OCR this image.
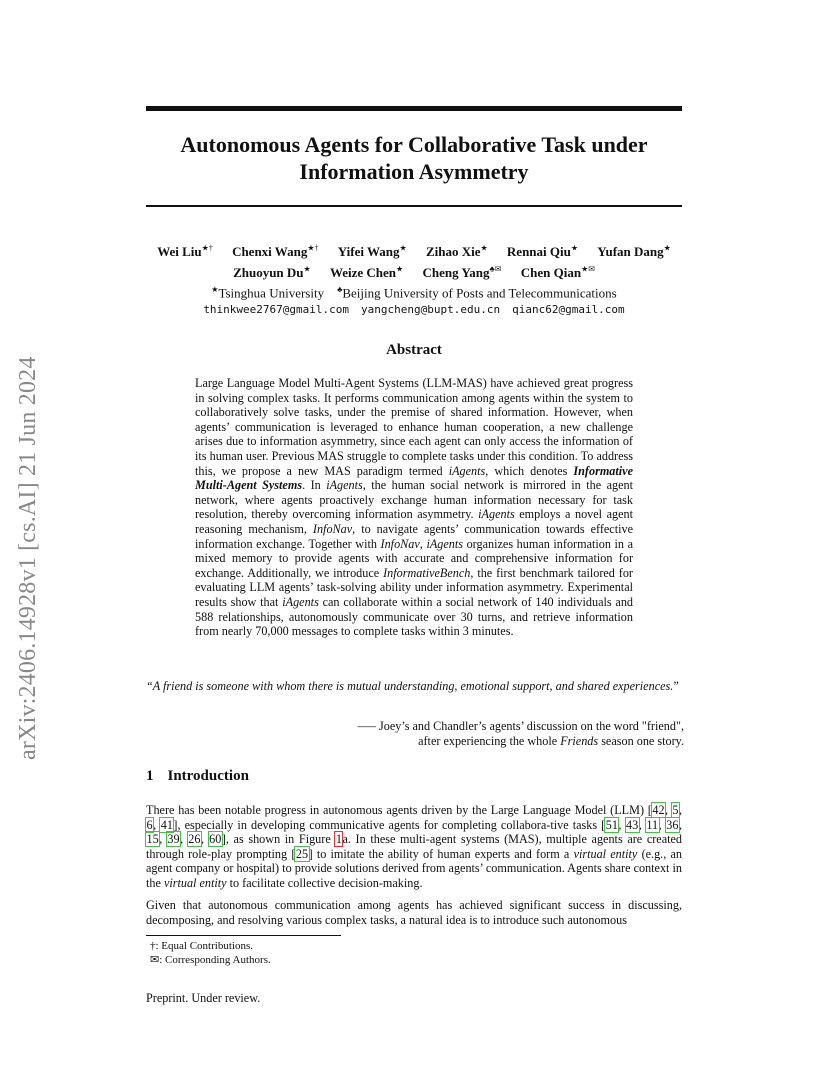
arXiv:2406.14928v1 [cs.AI] 21 Jun 2024
Autonomous Agents for Collaborative Task under
Information Asymmetry
Wei Liu★† Chenxi Wang★† Yifei Wang★ Zihao Xie★ Rennai Qiu★ Yufan Dang★
Zhuoyun Du★ Weize Chen★ Cheng Yang♣✉ Chen Qian★✉
★Tsinghua University ♣Beijing University of Posts and Telecommunications
thinkwee2767@gmail.com yangcheng@bupt.edu.cn qianc62@gmail.com
Abstract
Large Language Model Multi-Agent Systems (LLM-MAS) have achieved great progress in solving complex tasks. It performs communication among agents within the system to collaboratively solve tasks, under the premise of shared information. However, when agents’ communication is leveraged to enhance human cooperation, a new challenge arises due to information asymmetry, since each agent can only access the information of its human user. Previous MAS struggle to complete tasks under this condition. To address this, we propose a new MAS paradigm termed iAgents, which denotes Informative Multi-Agent Systems. In iAgents, the human social network is mirrored in the agent network, where agents proactively exchange human information necessary for task resolution, thereby overcoming information asymmetry. iAgents employs a novel agent reasoning mechanism, InfoNav, to navigate agents’ communication towards effective information exchange. Together with InfoNav, iAgents organizes human information in a mixed memory to provide agents with accurate and comprehensive information for exchange. Additionally, we introduce InformativeBench, the first benchmark tailored for evaluating LLM agents’ task-solving ability under information asymmetry. Experimental results show that iAgents can collaborate within a social network of 140 individuals and 588 relationships, autonomously communicate over 30 turns, and retrieve information from nearly 70,000 messages to complete tasks within 3 minutes.
“A friend is someone with whom there is mutual understanding, emotional support, and shared experiences.”
—– Joey’s and Chandler’s agents’ discussion on the word "friend",
after experiencing the whole Friends season one story.
1 Introduction
There has been notable progress in autonomous agents driven by the Large Language Model (LLM) [42, 5, 6, 41], especially in developing communicative agents for completing collabora-tive tasks [51, 43, 11, 36, 15, 39, 26, 60], as shown in Figure 1a. In these multi-agent systems (MAS), multiple agents are created through role-play prompting [25] to imitate the ability of human experts and form a virtual entity (e.g., an agent company or hospital) to provide solutions derived from agents’ communication. Agents share context in the virtual entity to facilitate collective decision-making.
Given that autonomous communication among agents has achieved significant success in discussing, decomposing, and resolving various complex tasks, a natural idea is to introduce such autonomous
†: Equal Contributions.
✉: Corresponding Authors.
Preprint. Under review.
